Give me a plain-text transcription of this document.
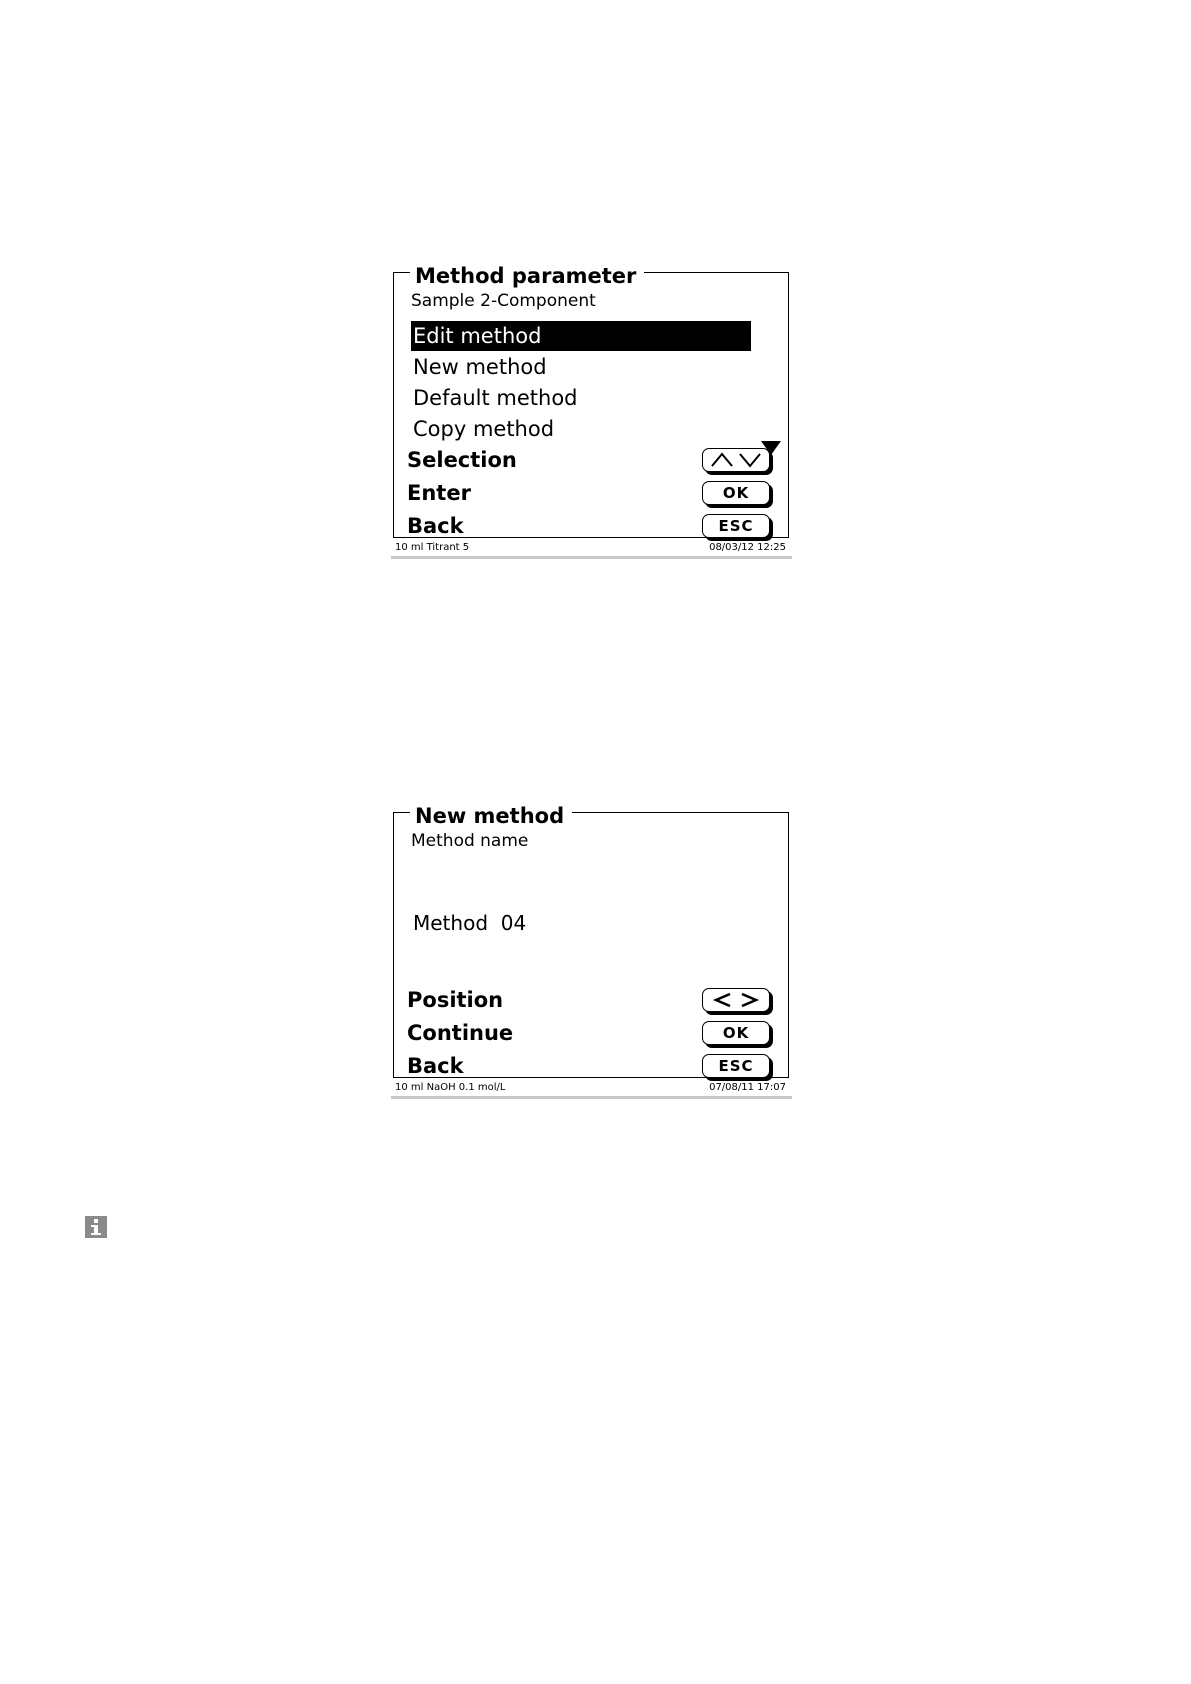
Method parameter
Sample 2-Component
Edit method
New method
Default method
Copy method
Selection
Enter	OK
Back	ESC
10 ml Titrant 5	08/03/12 12:25
New method
Method name
Method  04
Position
Continue	OK
Back	ESC
10 ml NaOH 0.1 mol/L	07/08/11 17:07
